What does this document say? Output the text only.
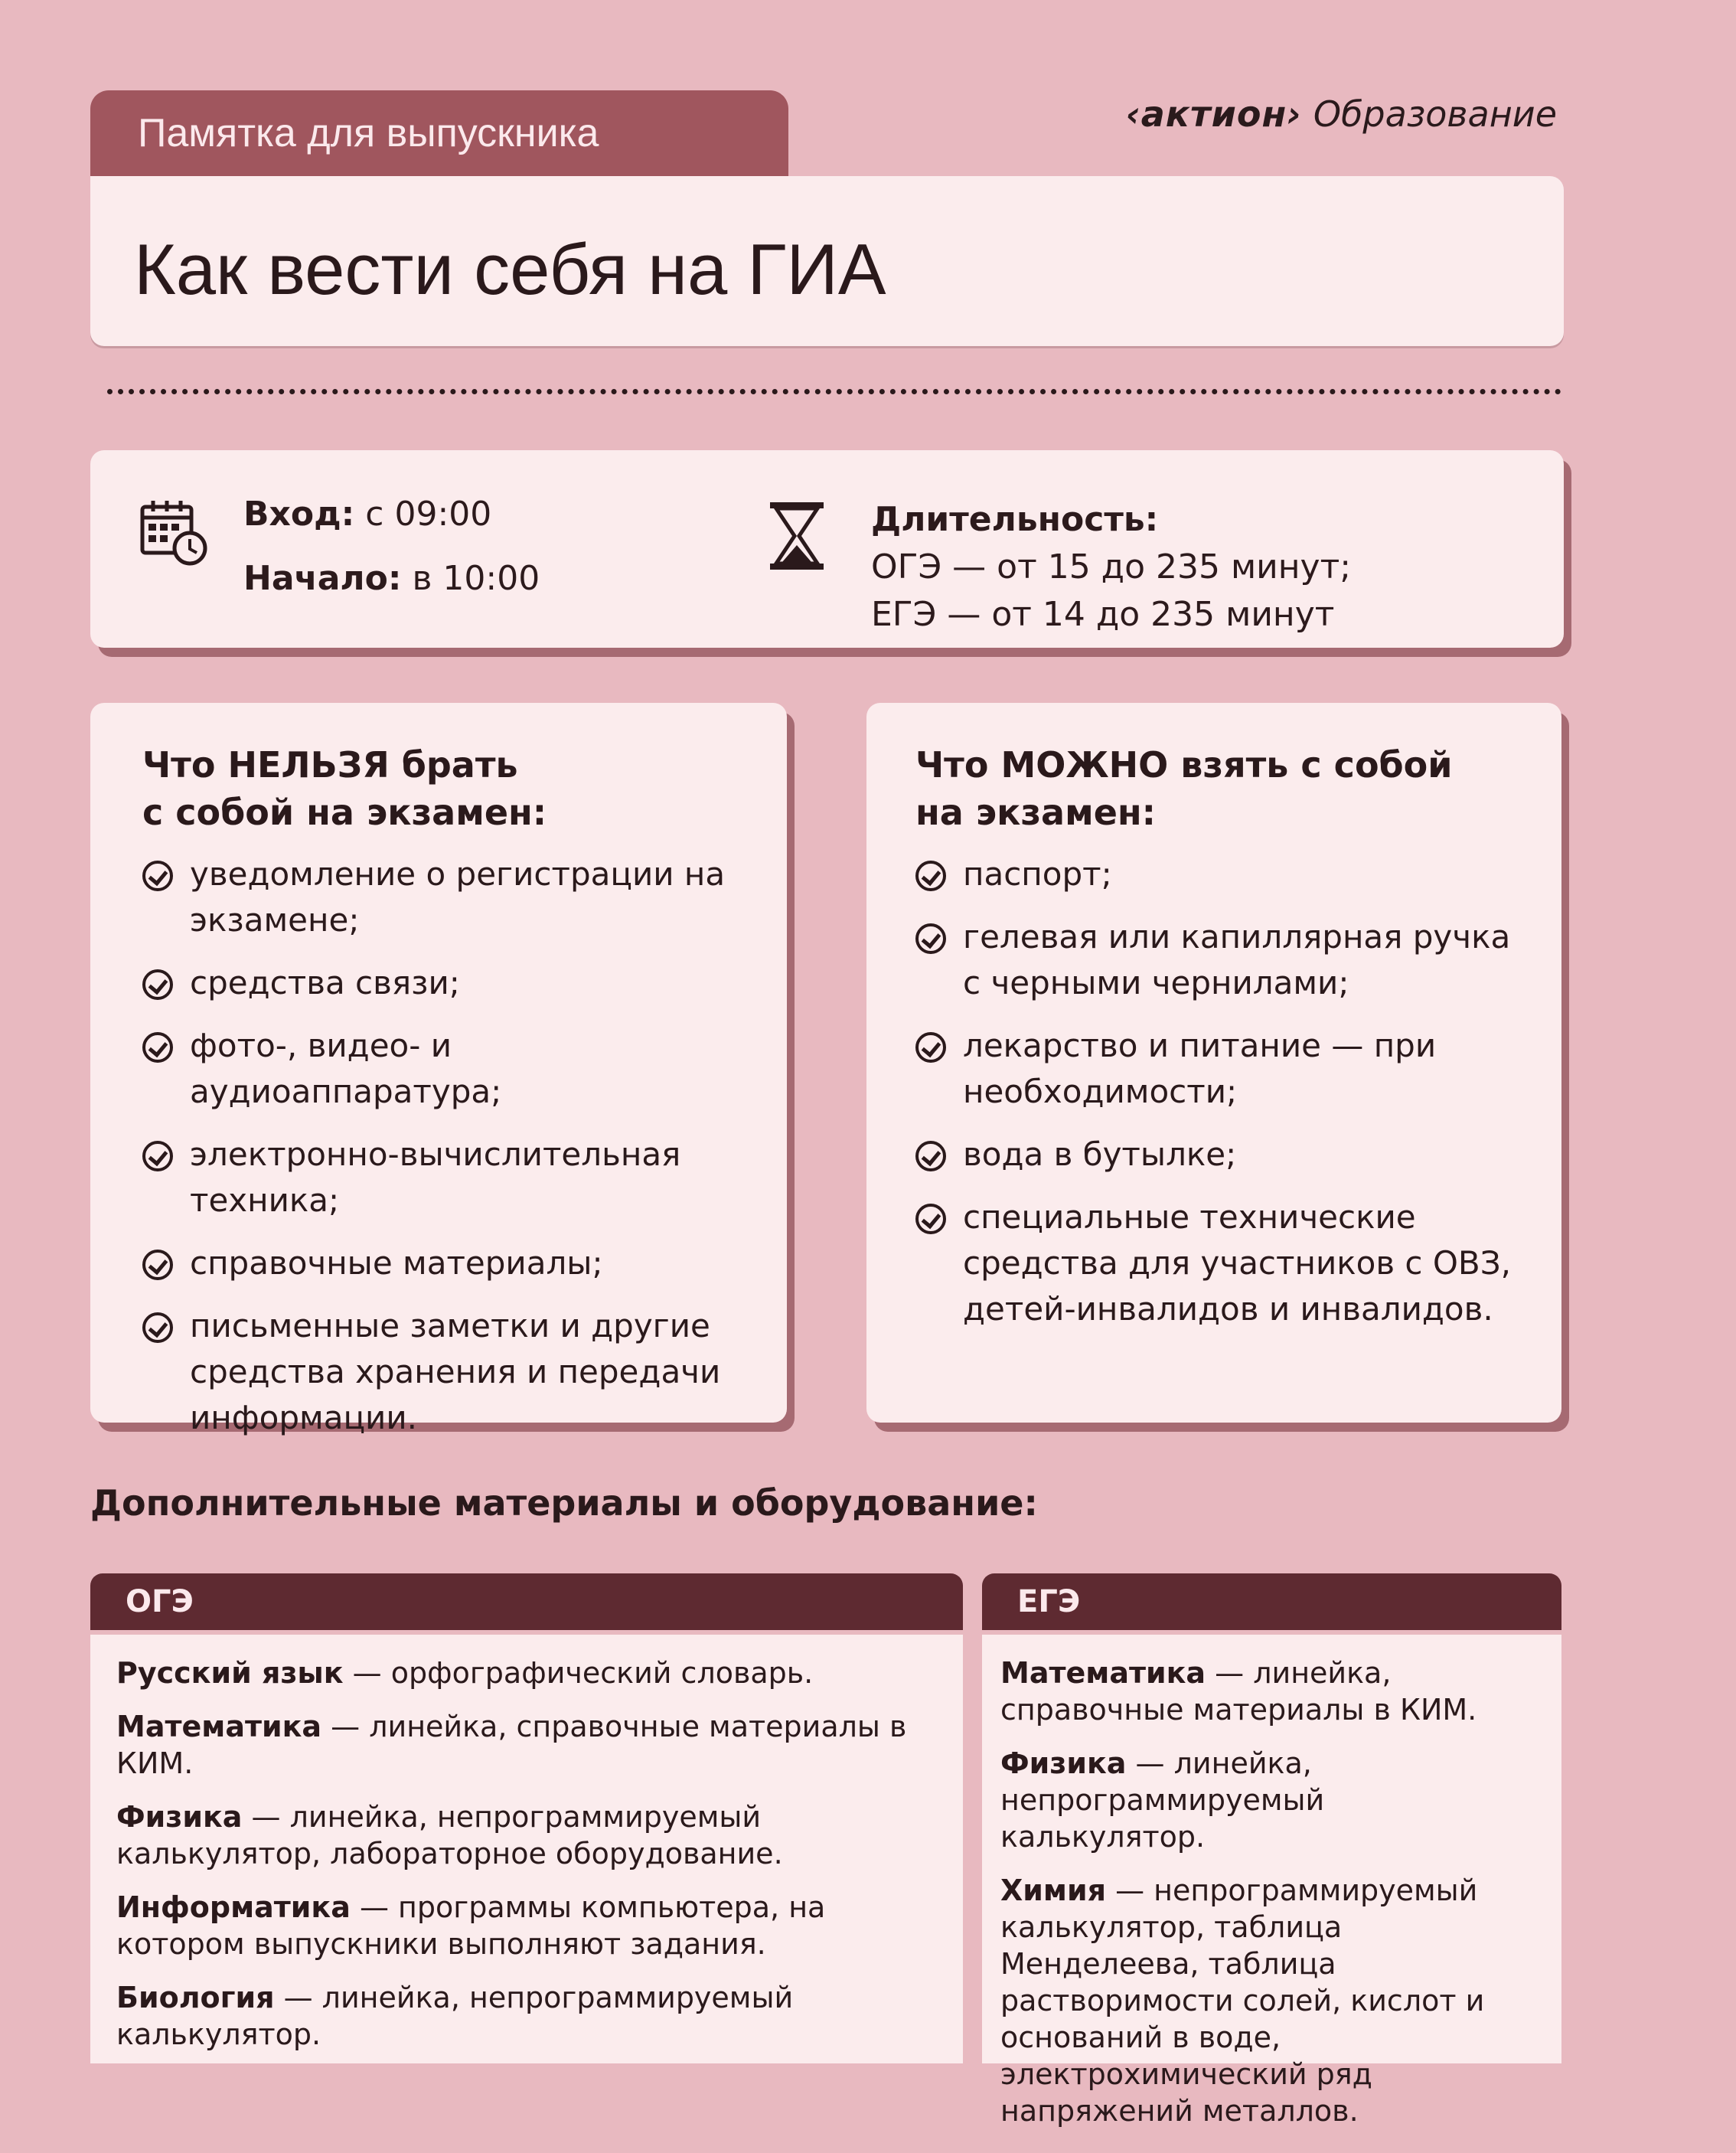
Памятка для выпускника	‹актион› Образование
Как вести себя на ГИА
Вход: с 09:00
Начало: в 10:00
Длительность:
ОГЭ — от 15 до 235 минут;
ЕГЭ — от 14 до 235 минут
Что НЕЛЬЗЯ брать
с собой на экзамен:
уведомление о регистрации на экзамене;
средства связи;
фото-, видео- и аудиоаппаратура;
электронно-вычислительная техника;
справочные материалы;
письменные заметки и другие средства хранения и передачи информации.
Что МОЖНО взять с собой
на экзамен:
паспорт;
гелевая или капиллярная ручка с черными чернилами;
лекарство и питание — при необходимости;
вода в бутылке;
специальные технические средства для участников с ОВЗ, детей-инвалидов и инвалидов.
Дополнительные материалы и оборудование:
ОГЭ	ЕГЭ
Русский язык — орфографический словарь.
Математика — линейка, справочные материалы в КИМ.
Физика — линейка, непрограммируемый калькулятор, лабораторное оборудование.
Информатика — программы компьютера, на котором выпускники выполняют задания.
Биология — линейка, непрограммируемый калькулятор.
Математика — линейка, справочные материалы в КИМ.
Физика — линейка, непрограммируемый калькулятор.
Химия — непрограммируемый калькулятор, таблица Менделеева, таблица растворимости солей, кислот и оснований в воде, электрохимический ряд напряжений металлов.
